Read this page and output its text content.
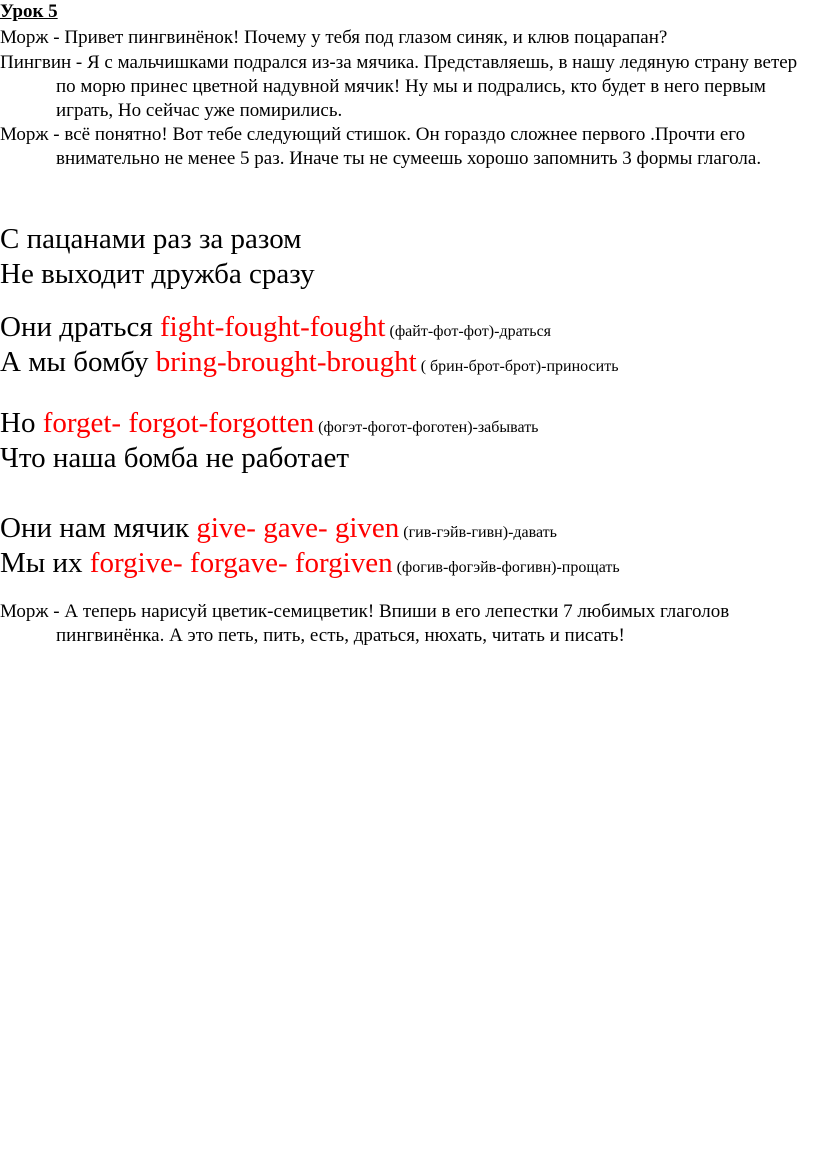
Урок 5
Морж - Привет пингвинёнок! Почему у тебя под глазом синяк, и клюв поцарапан?
Пингвин - Я с мальчишками подрался из-за мячика. Представляешь, в нашу ледяную страну ветер по морю принес цветной надувной мячик! Ну мы и подрались, кто будет в него первым играть, Но сейчас уже помирились.
Морж - всё понятно! Вот тебе следующий стишок. Он гораздо сложнее первого .Прочти его внимательно не менее 5 раз. Иначе ты не сумеешь хорошо запомнить 3 формы глагола.
С пацанами раз за разом
Не выходит дружба сразу
Они драться fight-fought-fought (файт-фот-фот)-драться
А мы бомбу bring-brought-brought ( брин-брот-брот)-приносить
Но forget- forgot-forgotten (фогэт-фогот-фоготен)-забывать
Что наша бомба не работает
Они нам мячик give- gave- given (гив-гэйв-гивн)-давать
Мы их forgive- forgave- forgiven (фогив-фогэйв-фогивн)-прощать
Морж - А теперь нарисуй цветик-семицветик! Впиши в его лепестки 7 любимых глаголов пингвинёнка. А это петь, пить, есть, драться, нюхать, читать и писать!
